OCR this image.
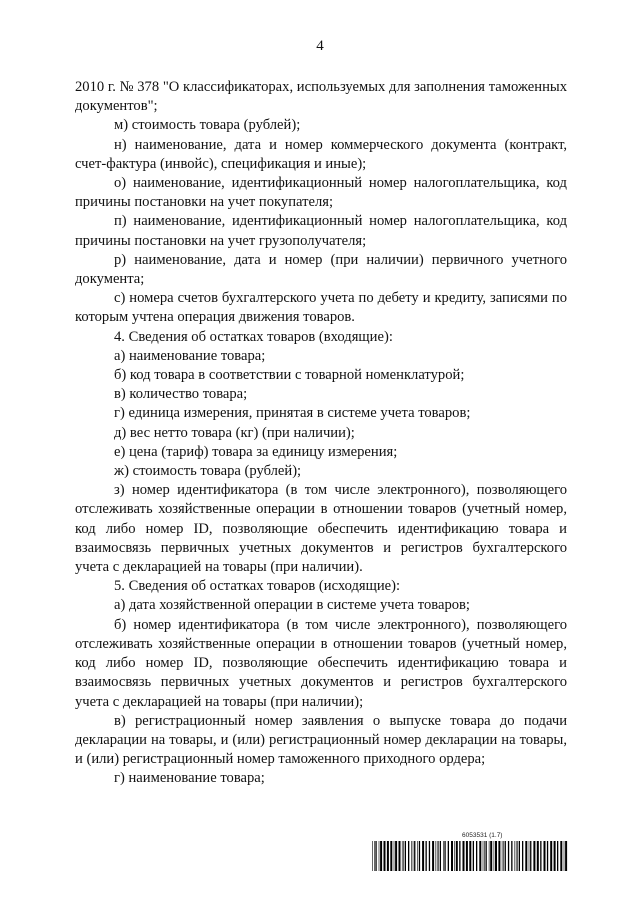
4

2010 г. № 378 "О классификаторах, используемых для заполнения таможенных документов";

м) стоимость товара (рублей);

н) наименование, дата и номер коммерческого документа (контракт, счет-фактура (инвойс), спецификация и иные);

о) наименование, идентификационный номер налогоплательщика, код причины постановки на учет покупателя;

п) наименование, идентификационный номер налогоплательщика, код причины постановки на учет грузополучателя;

р) наименование, дата и номер (при наличии) первичного учетного документа;

с) номера счетов бухгалтерского учета по дебету и кредиту, записями по которым учтена операция движения товаров.

4. Сведения об остатках товаров (входящие):

а) наименование товара;

б) код товара в соответствии с товарной номенклатурой;

в) количество товара;

г) единица измерения, принятая в системе учета товаров;

д) вес нетто товара (кг) (при наличии);

е) цена (тариф) товара за единицу измерения;

ж) стоимость товара (рублей);

з) номер идентификатора (в том числе электронного), позволяющего отслеживать хозяйственные операции в отношении товаров (учетный номер, код либо номер ID, позволяющие обеспечить идентификацию товара и взаимосвязь первичных учетных документов и регистров бухгалтерского учета с декларацией на товары (при наличии).

5. Сведения об остатках товаров (исходящие):

а) дата хозяйственной операции в системе учета товаров;

б) номер идентификатора (в том числе электронного), позволяющего отслеживать хозяйственные операции в отношении товаров (учетный номер, код либо номер ID, позволяющие обеспечить идентификацию товара и взаимосвязь первичных учетных документов и регистров бухгалтерского учета с декларацией на товары (при наличии);

в) регистрационный номер заявления о выпуске товара до подачи декларации на товары, и (или) регистрационный номер декларации на товары, и (или) регистрационный номер таможенного приходного ордера;

г) наименование товара;

6053531 (1.7)
